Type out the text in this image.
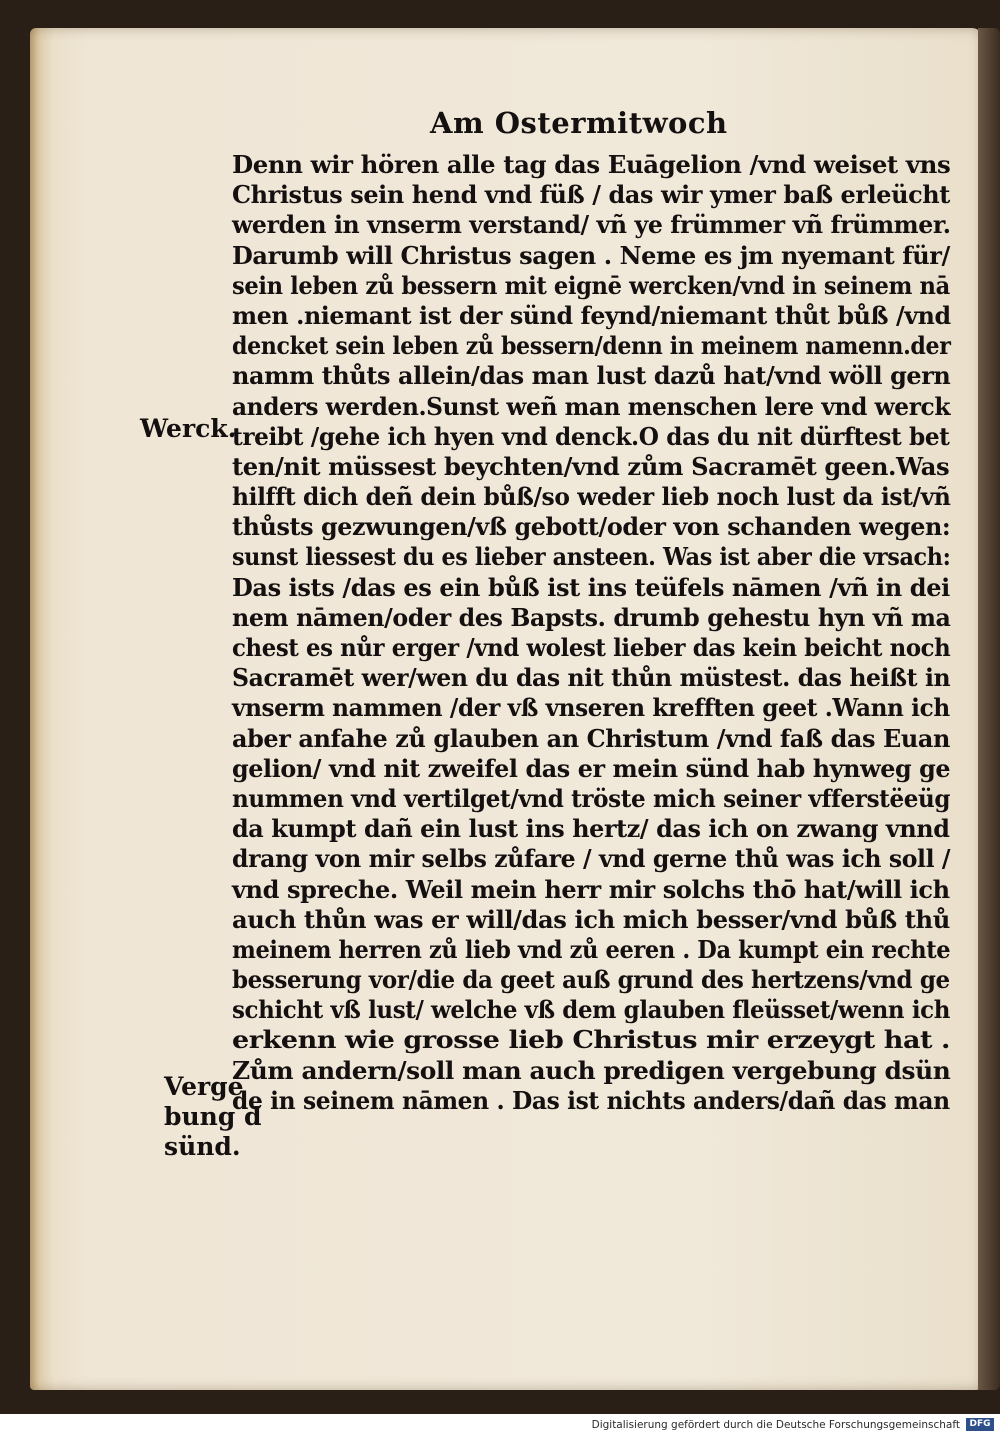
Am Ostermitwoch
Denn wir hören alle tag das Euāgelion /vnd weiset vns
Christus sein hend vnd füß / das wir ymer baß erleücht
werden in vnserm verstand/ vñ ye frümmer vñ frümmer.
Darumb will Christus sagen . Neme es jm nyemant für/
sein leben zů bessern mit eignē wercken/vnd in seinem nā
men .niemant ist der sünd feynd/niemant thůt bůß /vnd
dencket sein leben zů bessern/denn in meinem namenn.der
namm thůts allein/das man lust dazů hat/vnd wöll gern
anders werden.Sunst weñ man menschen lere vnd werck
treibt /gehe ich hyen vnd denck.O das du nit dürftest bet
ten/nit müssest beychten/vnd zům Sacramēt geen.Was
hilfft dich deñ dein bůß/so weder lieb noch lust da ist/vñ
thůsts gezwungen/vß gebott/oder von schanden wegen:
sunst liessest du es lieber ansteen. Was ist aber die vrsach:
Das ists /das es ein bůß ist ins teüfels nāmen /vñ in dei
nem nāmen/oder des Bapsts. drumb gehestu hyn vñ ma
chest es nůr erger /vnd wolest lieber das kein beicht noch
Sacramēt wer/wen du das nit thůn müstest. das heißt in
vnserm nammen /der vß vnseren krefften geet .Wann ich
aber anfahe zů glauben an Christum /vnd faß das Euan
gelion/ vnd nit zweifel das er mein sünd hab hynweg ge
nummen vnd vertilget/vnd tröste mich seiner vfferstëeüg
da kumpt dañ ein lust ins hertz/ das ich on zwang vnnd
drang von mir selbs zůfare / vnd gerne thů was ich soll /
vnd spreche. Weil mein herr mir solchs thō hat/will ich
auch thůn was er will/das ich mich besser/vnd bůß thů
meinem herren zů lieb vnd zů eeren . Da kumpt ein rechte
besserung vor/die da geet auß grund des hertzens/vnd ge
schicht vß lust/ welche vß dem glauben fleüsset/wenn ich
erkenn wie grosse lieb Christus mir erzeygt hat .
Zům andern/soll man auch predigen vergebung dsün
de in seinem nāmen . Das ist nichts anders/dañ das man
Werck.
Verge
bung d
sünd.
Digitalisierung gefördert durch die Deutsche Forschungsgemeinschaft	DFG
